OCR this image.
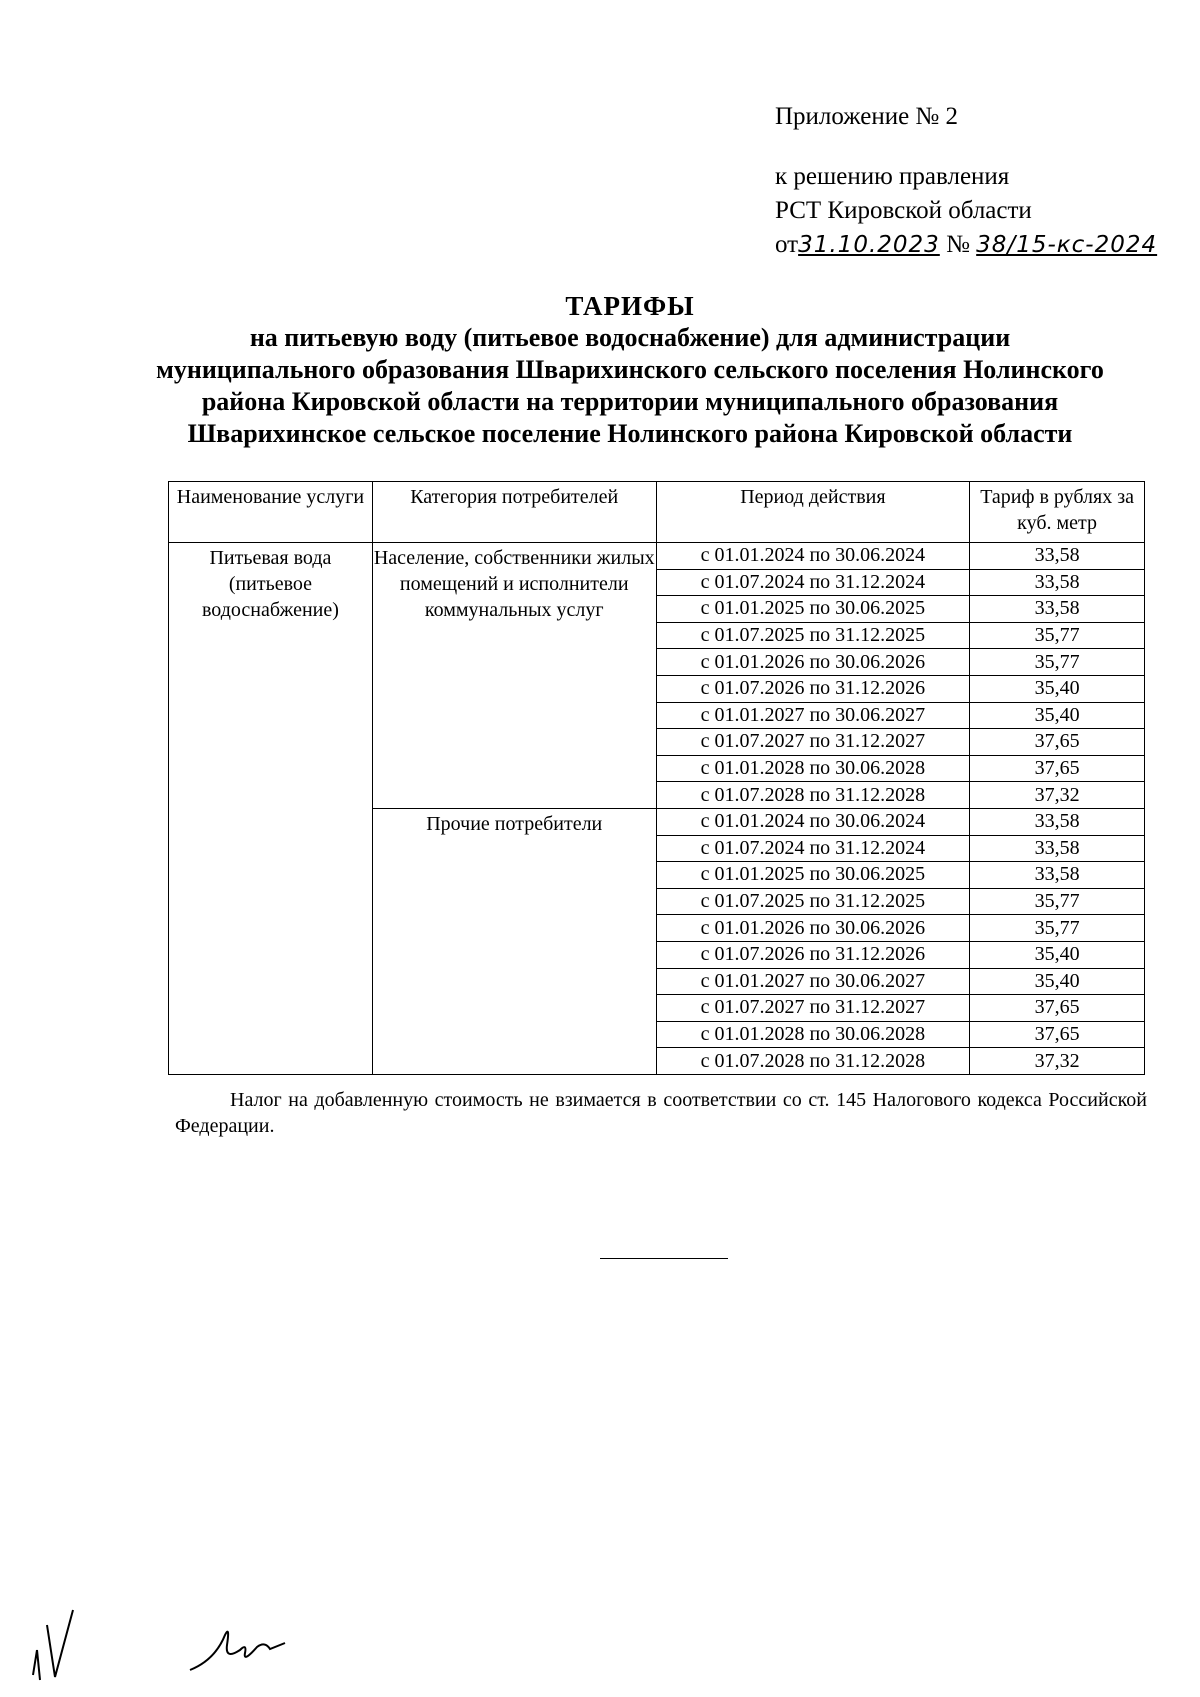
Приложение № 2
к решению правления
РСТ Кировской области
от31.10.2023 № 38/15-кс-2024
ТАРИФЫ
на питьевую воду (питьевое водоснабжение) для администрации муниципального образования Шварихинского сельского поселения Нолинского района Кировской области на территории муниципального образования Шварихинское сельское поселение Нолинского района Кировской области
Наименование услуги	Категория потребителей	Период действия	Тариф в рублях за куб. метр
Питьевая вода (питьевое водоснабжение)	Население, собственники жилых помещений и исполнители коммунальных услуг	с 01.01.2024 по 30.06.2024	33,58
		с 01.07.2024 по 31.12.2024	33,58
		с 01.01.2025 по 30.06.2025	33,58
		с 01.07.2025 по 31.12.2025	35,77
		с 01.01.2026 по 30.06.2026	35,77
		с 01.07.2026 по 31.12.2026	35,40
		с 01.01.2027 по 30.06.2027	35,40
		с 01.07.2027 по 31.12.2027	37,65
		с 01.01.2028 по 30.06.2028	37,65
		с 01.07.2028 по 31.12.2028	37,32
	Прочие потребители	с 01.01.2024 по 30.06.2024	33,58
		с 01.07.2024 по 31.12.2024	33,58
		с 01.01.2025 по 30.06.2025	33,58
		с 01.07.2025 по 31.12.2025	35,77
		с 01.01.2026 по 30.06.2026	35,77
		с 01.07.2026 по 31.12.2026	35,40
		с 01.01.2027 по 30.06.2027	35,40
		с 01.07.2027 по 31.12.2027	37,65
		с 01.01.2028 по 30.06.2028	37,65
		с 01.07.2028 по 31.12.2028	37,32
Налог на добавленную стоимость не взимается в соответствии со ст. 145 Налогового кодекса Российской Федерации.
